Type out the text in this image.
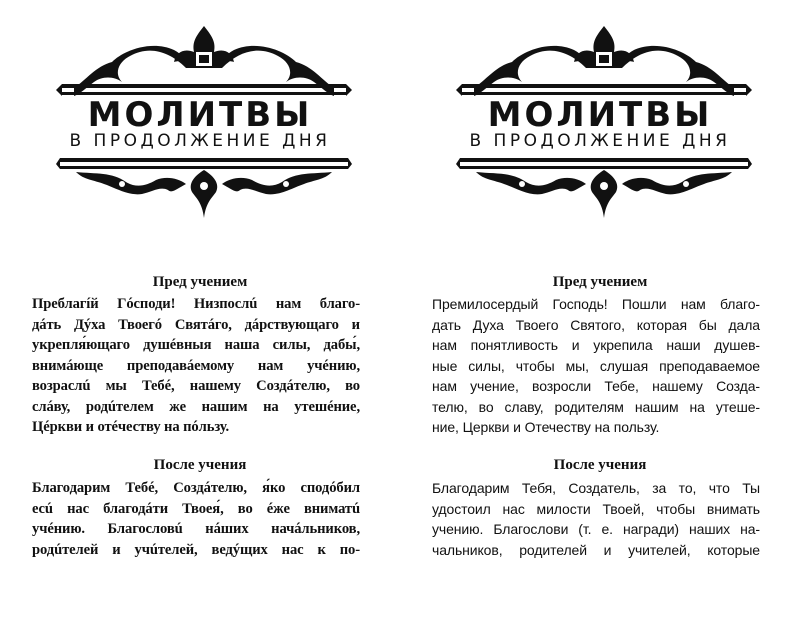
МОЛИТВЫ
В ПРОДОЛЖЕНИЕ ДНЯ
Пред учением
Преблагíй Гóсподи! Низпослú нам благо-
дáть Дýха Твоегó Святáго, дáрствующаго и
укрепля́ющаго душéвныя наша силы, дабы́,
внимáющe преподавáемому нам учéнию,
возраслú мы Тебé, нашему Создáтелю, во
слáву, родúтелем же нашим на утешéние,
Цéркви и отéчеству на пóльзу.
После учения
Благодарим Тебé, Создáтелю, я́ко сподóбил
есú нас благодáти Твоея́, во éже вниматú
учéнию. Благословú нáших начáльников,
родúтелей и учúтелей, ведýщих нас к по-
МОЛИТВЫ
В ПРОДОЛЖЕНИЕ ДНЯ
Пред учением
Премилосердый Господь! Пошли нам благо-
дать Духа Твоего Святого, которая бы дала
нам понятливость и укрепила наши душев-
ные силы, чтобы мы, слушая преподаваемое
нам учение, возросли Тебе, нашему Созда-
телю, во славу, родителям нашим на утеше-
ние, Церкви и Отечеству на пользу.
После учения
Благодарим Тебя, Создатель, за то, что Ты
удостоил нас милости Твоей, чтобы внимать
учению. Благослови (т. е. награди) наших на-
чальников, родителей и учителей, которые
